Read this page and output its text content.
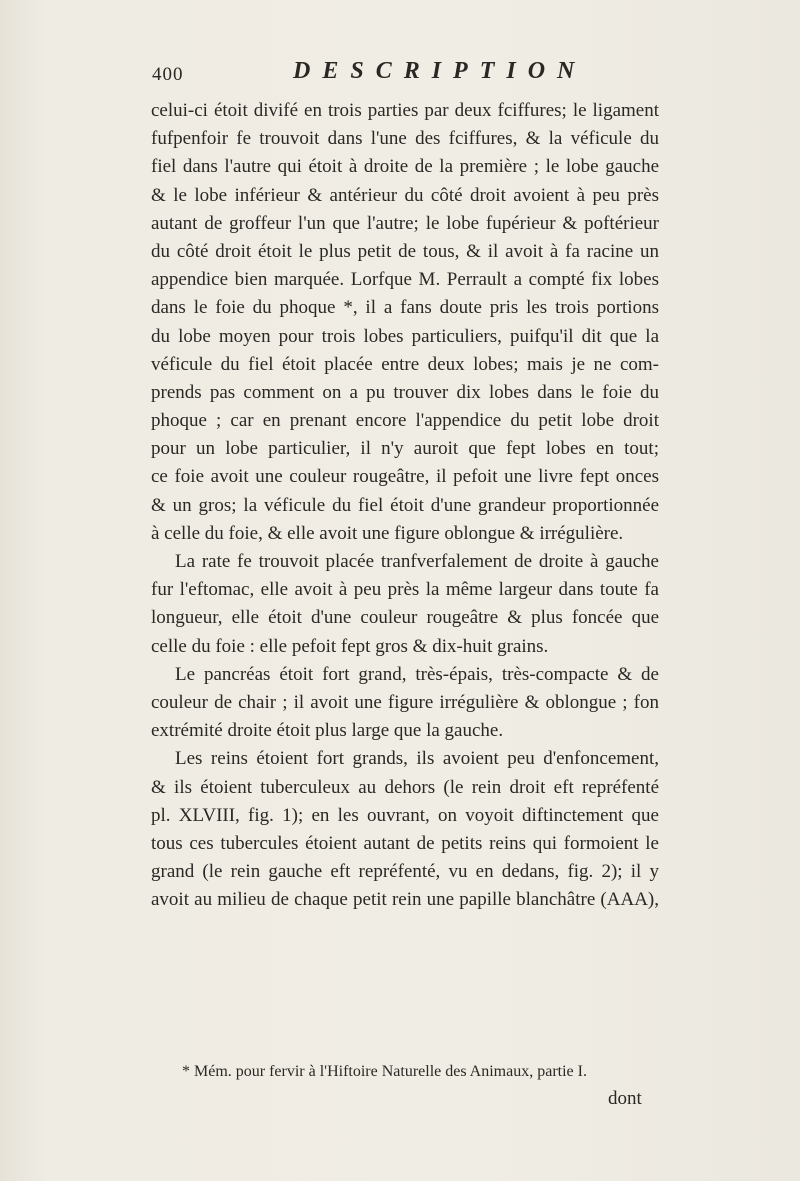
400	DESCRIPTION
celui-ci étoit divifé en trois parties par deux fciffures; le ligament
fufpenfoir fe trouvoit dans l'une des fciffures, & la véficule du
fiel dans l'autre qui étoit à droite de la première ; le lobe gauche
& le lobe inférieur & antérieur du côté droit avoient à peu près
autant de groffeur l'un que l'autre; le lobe fupérieur & poftérieur
du côté droit étoit le plus petit de tous, & il avoit à fa racine un
appendice bien marquée. Lorfque M. Perrault a compté fix lobes
dans le foie du phoque *, il a fans doute pris les trois portions
du lobe moyen pour trois lobes particuliers, puifqu'il dit que la
véficule du fiel étoit placée entre deux lobes; mais je ne com-
prends pas comment on a pu trouver dix lobes dans le foie du
phoque ; car en prenant encore l'appendice du petit lobe droit
pour un lobe particulier, il n'y auroit que fept lobes en tout;
ce foie avoit une couleur rougeâtre, il pefoit une livre fept onces
& un gros; la véficule du fiel étoit d'une grandeur proportionnée
à celle du foie, & elle avoit une figure oblongue & irrégulière.
La rate fe trouvoit placée tranfverfalement de droite à gauche
fur l'eftomac, elle avoit à peu près la même largeur dans toute fa
longueur, elle étoit d'une couleur rougeâtre & plus foncée que
celle du foie : elle pefoit fept gros & dix-huit grains.
Le pancréas étoit fort grand, très-épais, très-compacte & de
couleur de chair ; il avoit une figure irrégulière & oblongue ; fon
extrémité droite étoit plus large que la gauche.
Les reins étoient fort grands, ils avoient peu d'enfoncement,
& ils étoient tuberculeux au dehors (le rein droit eft repréfenté
pl. XLVIII, fig. 1); en les ouvrant, on voyoit diftinctement que
tous ces tubercules étoient autant de petits reins qui formoient le
grand (le rein gauche eft repréfenté, vu en dedans, fig. 2); il y
avoit au milieu de chaque petit rein une papille blanchâtre (AAA),
* Mém. pour fervir à l'Hiftoire Naturelle des Animaux, partie I.
dont
